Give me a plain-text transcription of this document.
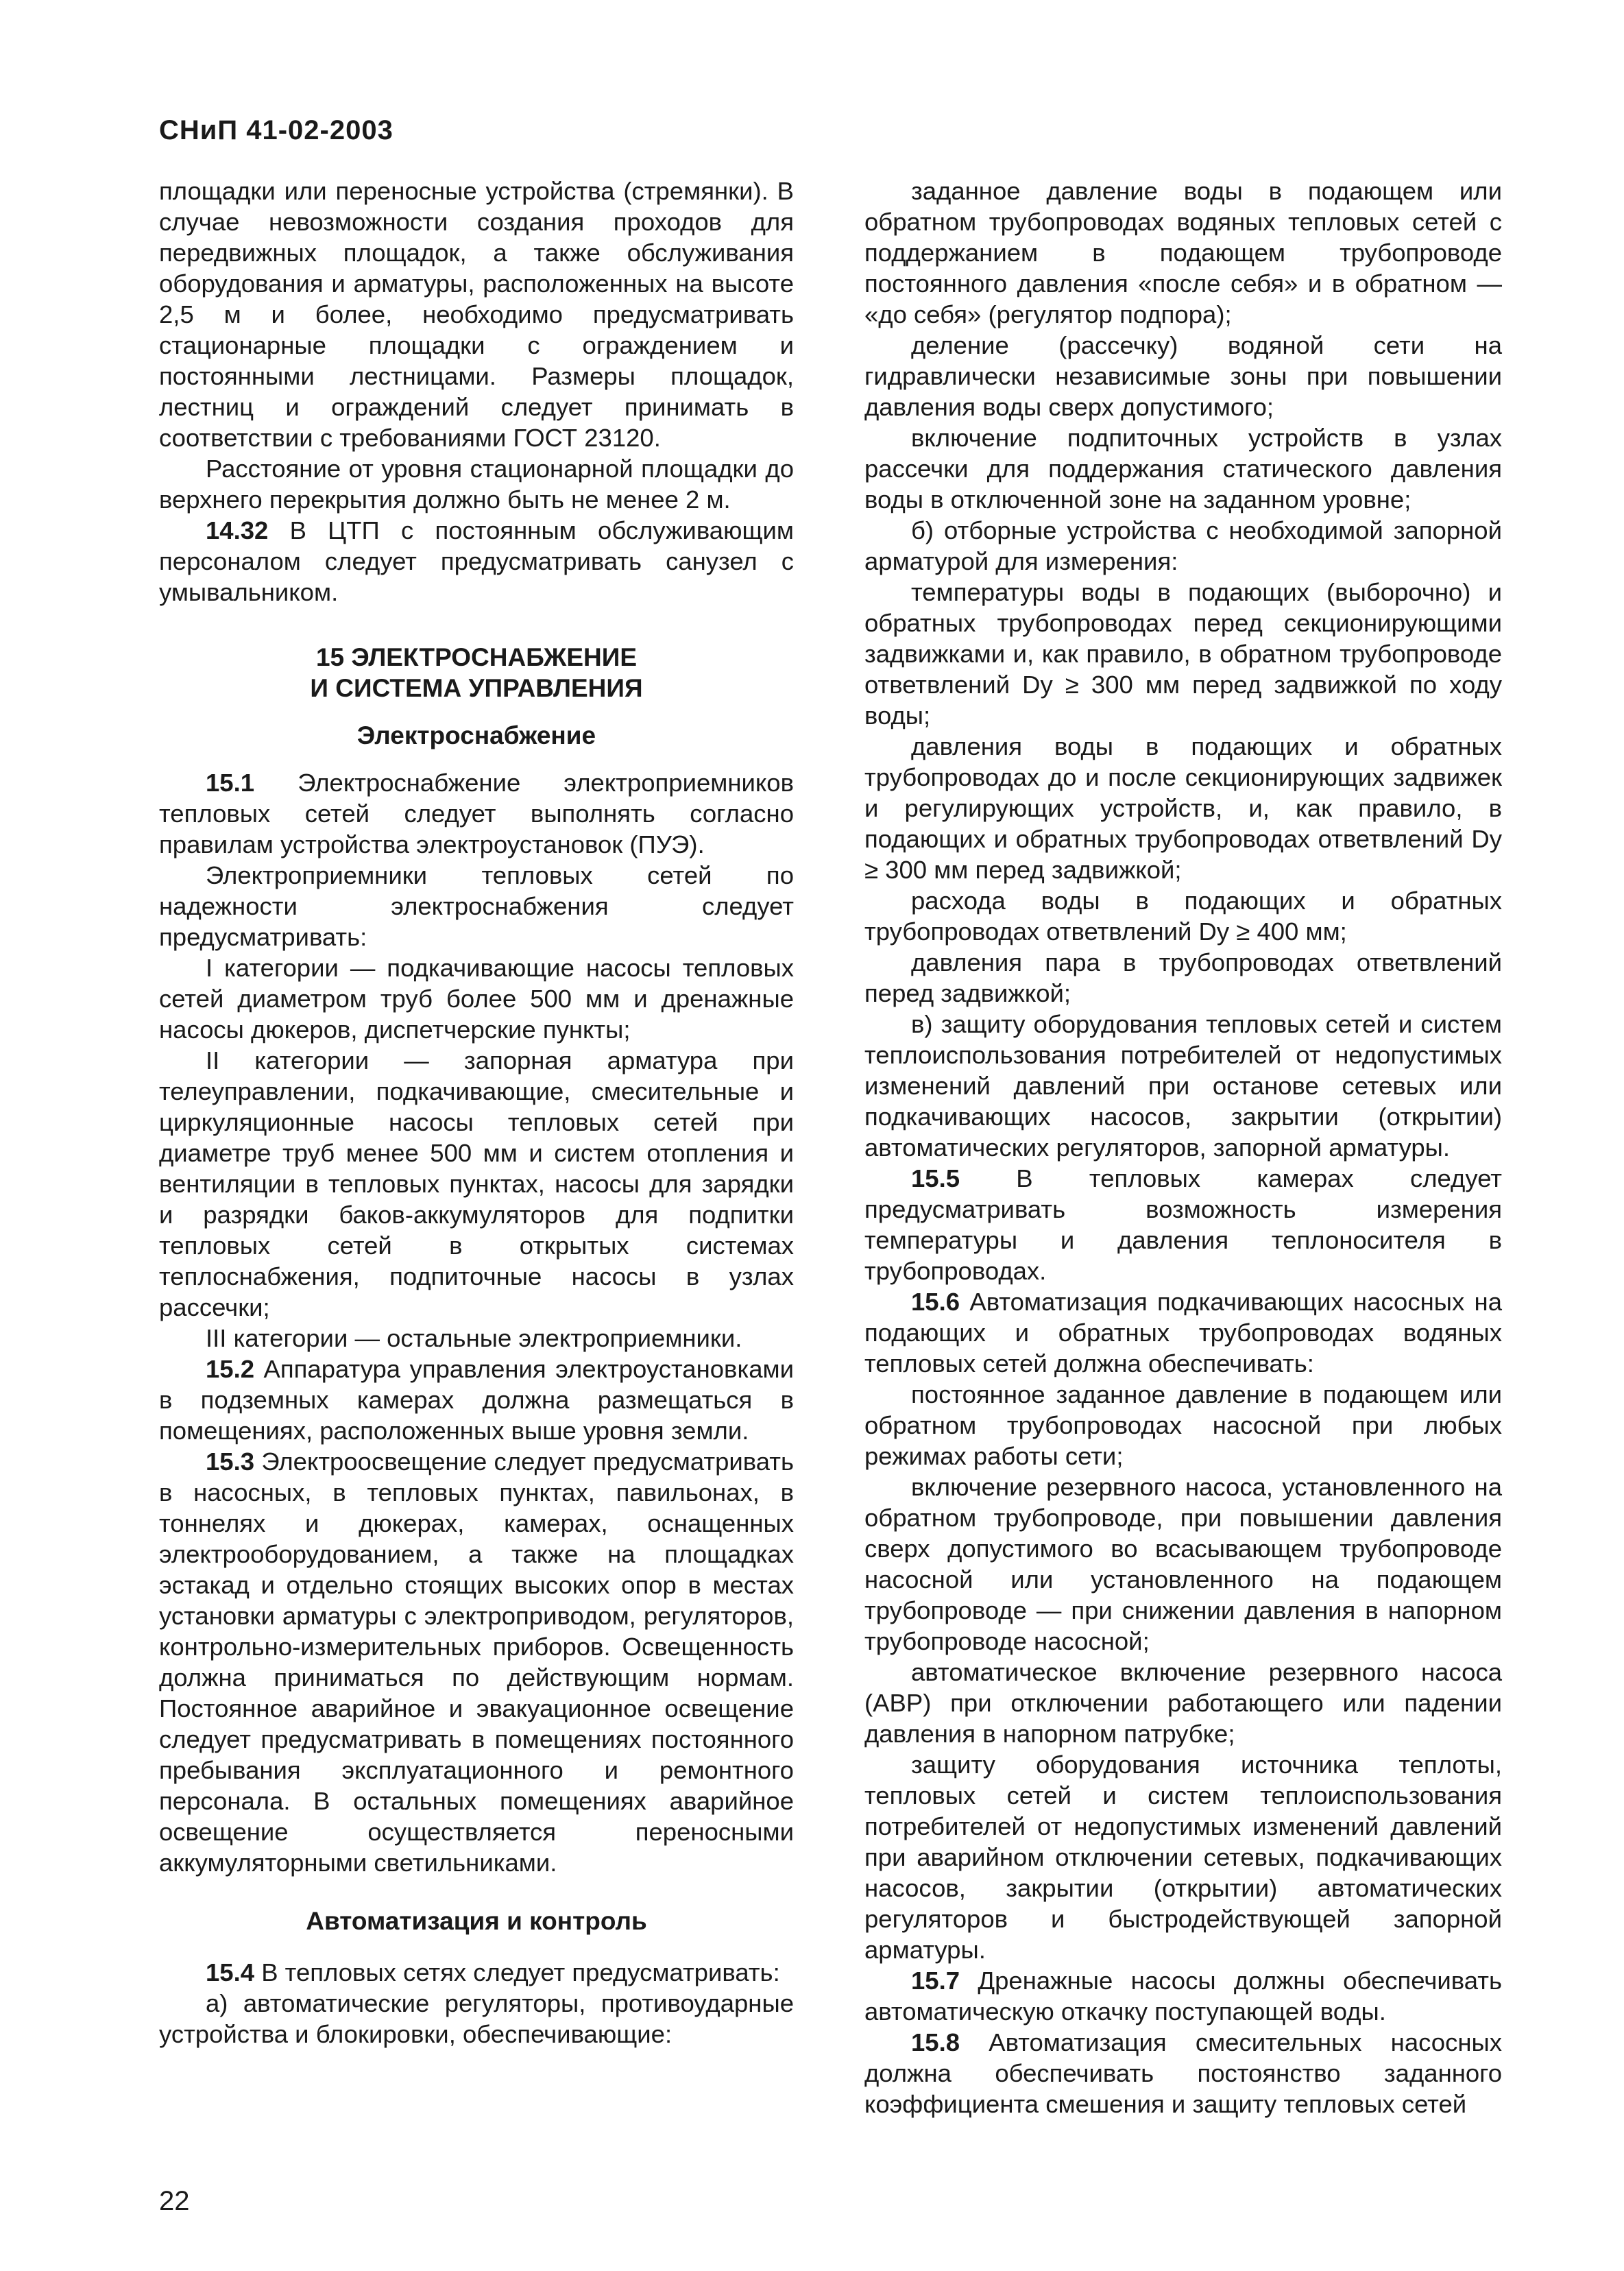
СНиП 41-02-2003

площадки или переносные устройства (стремянки). В случае невозможности создания проходов для передвижных площадок, а также обслуживания оборудования и арматуры, расположенных на высоте 2,5 м и более, необходимо предусматривать стационарные площадки с ограждением и постоянными лестницами. Размеры площадок, лестниц и ограждений следует принимать в соответствии с требованиями ГОСТ 23120.

Расстояние от уровня стационарной площадки до верхнего перекрытия должно быть не менее 2 м.

14.32 В ЦТП с постоянным обслуживающим персоналом следует предусматривать санузел с умывальником.

15 ЭЛЕКТРОСНАБЖЕНИЕ

И СИСТЕМА УПРАВЛЕНИЯ

Электроснабжение

15.1 Электроснабжение электроприемников тепловых сетей следует выполнять согласно правилам устройства электроустановок (ПУЭ).

Электроприемники тепловых сетей по надежности электроснабжения следует предусматривать:

I категории — подкачивающие насосы тепловых сетей диаметром труб более 500 мм и дренажные насосы дюкеров, диспетчерские пункты;

II категории — запорная арматура при телеуправлении, подкачивающие, смесительные и циркуляционные насосы тепловых сетей при диаметре труб менее 500 мм и систем отопления и вентиляции в тепловых пунктах, насосы для зарядки и разрядки баков-аккумуляторов для подпитки тепловых сетей в открытых системах теплоснабжения, подпиточные насосы в узлах рассечки;

III категории — остальные электроприемники.

15.2 Аппаратура управления электроустановками в подземных камерах должна размещаться в помещениях, расположенных выше уровня земли.

15.3 Электроосвещение следует предусматривать в насосных, в тепловых пунктах, павильонах, в тоннелях и дюкерах, камерах, оснащенных электрооборудованием, а также на площадках эстакад и отдельно стоящих высоких опор в местах установки арматуры с электроприводом, регуляторов, контрольно-измерительных приборов. Освещенность должна приниматься по действующим нормам. Постоянное аварийное и эвакуационное освещение следует предусматривать в помещениях постоянного пребывания эксплуатационного и ремонтного персонала. В остальных помещениях аварийное освещение осуществляется переносными аккумуляторными светильниками.

Автоматизация и контроль

15.4 В тепловых сетях следует предусматривать:

а) автоматические регуляторы, противоударные устройства и блокировки, обеспечивающие:

заданное давление воды в подающем или обратном трубопроводах водяных тепловых сетей с поддержанием в подающем трубопроводе постоянного давления «после себя» и в обратном — «до себя» (регулятор подпора);

деление (рассечку) водяной сети на гидравлически независимые зоны при повышении давления воды сверх допустимого;

включение подпиточных устройств в узлах рассечки для поддержания статического давления воды в отключенной зоне на заданном уровне;

б) отборные устройства с необходимой запорной арматурой для измерения:

температуры воды в подающих (выборочно) и обратных трубопроводах перед секционирующими задвижками и, как правило, в обратном трубопроводе ответвлений Dу ≥ 300 мм перед задвижкой по ходу воды;

давления воды в подающих и обратных трубопроводах до и после секционирующих задвижек и регулирующих устройств, и, как правило, в подающих и обратных трубопроводах ответвлений Dу ≥ 300 мм перед задвижкой;

расхода воды в подающих и обратных трубопроводах ответвлений Dу ≥ 400 мм;

давления пара в трубопроводах ответвлений перед задвижкой;

в) защиту оборудования тепловых сетей и систем теплоиспользования потребителей от недопустимых изменений давлений при останове сетевых или подкачивающих насосов, закрытии (открытии) автоматических регуляторов, запорной арматуры.

15.5 В тепловых камерах следует предусматривать возможность измерения температуры и давления теплоносителя в трубопроводах.

15.6 Автоматизация подкачивающих насосных на подающих и обратных трубопроводах водяных тепловых сетей должна обеспечивать:

постоянное заданное давление в подающем или обратном трубопроводах насосной при любых режимах работы сети;

включение резервного насоса, установленного на обратном трубопроводе, при повышении давления сверх допустимого во всасывающем трубопроводе насосной или установленного на подающем трубопроводе — при снижении давления в напорном трубопроводе насосной;

автоматическое включение резервного насоса (АВР) при отключении работающего или падении давления в напорном патрубке;

защиту оборудования источника теплоты, тепловых сетей и систем теплоиспользования потребителей от недопустимых изменений давлений при аварийном отключении сетевых, подкачивающих насосов, закрытии (открытии) автоматических регуляторов и быстродействующей запорной арматуры.

15.7 Дренажные насосы должны обеспечивать автоматическую откачку поступающей воды.

15.8 Автоматизация смесительных насосных должна обеспечивать постоянство заданного коэффициента смешения и защиту тепловых сетей

22
